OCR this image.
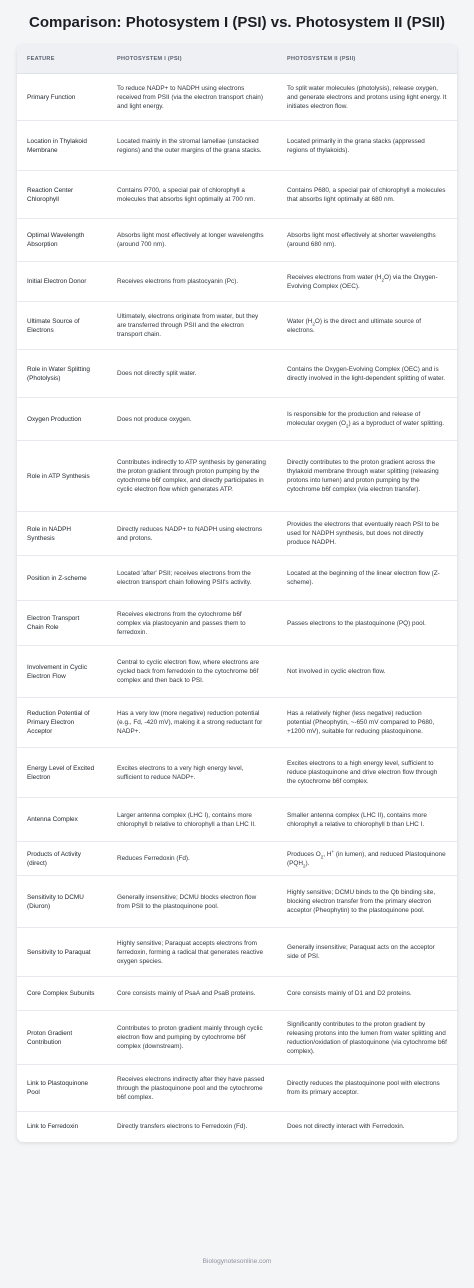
Comparison: Photosystem I (PSI) vs. Photosystem II (PSII)
FEATURE	PHOTOSYSTEM I (PSI)	PHOTOSYSTEM II (PSII)
Primary Function	To reduce NADP+ to NADPH using electrons received from PSII (via the electron transport chain) and light energy.	To split water molecules (photolysis), release oxygen, and generate electrons and protons using light energy. It initiates electron flow.
Location in Thylakoid Membrane	Located mainly in the stromal lamellae (unstacked regions) and the outer margins of the grana stacks.	Located primarily in the grana stacks (appressed regions of thylakoids).
Reaction Center Chlorophyll	Contains P700, a special pair of chlorophyll a molecules that absorbs light optimally at 700 nm.	Contains P680, a special pair of chlorophyll a molecules that absorbs light optimally at 680 nm.
Optimal Wavelength Absorption	Absorbs light most effectively at longer wavelengths (around 700 nm).	Absorbs light most effectively at shorter wavelengths (around 680 nm).
Initial Electron Donor	Receives electrons from plastocyanin (Pc).	Receives electrons from water $(H_2O)$ via the Oxygen-Evolving Complex (OEC).
Ultimate Source of Electrons	Ultimately, electrons originate from water, but they are transferred through PSII and the electron transport chain.	Water $(H_2O)$ is the direct and ultimate source of electrons.
Role in Water Splitting (Photolysis)	Does not directly split water.	Contains the Oxygen-Evolving Complex (OEC) and is directly involved in the light-dependent splitting of water.
Oxygen Production	Does not produce oxygen.	Is responsible for the production and release of molecular oxygen $(O_2)$ as a byproduct of water splitting.
Role in ATP Synthesis	Contributes indirectly to ATP synthesis by generating the proton gradient through proton pumping by the cytochrome b6f complex, and directly participates in cyclic electron flow which generates ATP.	Directly contributes to the proton gradient across the thylakoid membrane through water splitting (releasing protons into lumen) and proton pumping by the cytochrome b6f complex (via electron transfer).
Role in NADPH Synthesis	Directly reduces NADP+ to NADPH using electrons and protons.	Provides the electrons that eventually reach PSI to be used for NADPH synthesis, but does not directly produce NADPH.
Position in Z-scheme	Located 'after' PSII; receives electrons from the electron transport chain following PSII's activity.	Located at the beginning of the linear electron flow (Z-scheme).
Electron Transport Chain Role	Receives electrons from the cytochrome b6f complex via plastocyanin and passes them to ferredoxin.	Passes electrons to the plastoquinone (PQ) pool.
Involvement in Cyclic Electron Flow	Central to cyclic electron flow, where electrons are cycled back from ferredoxin to the cytochrome b6f complex and then back to PSI.	Not involved in cyclic electron flow.
Reduction Potential of Primary Electron Acceptor	Has a very low (more negative) reduction potential (e.g., Fd, -420 mV), making it a strong reductant for NADP+.	Has a relatively higher (less negative) reduction potential (Pheophytin, ~-650 mV compared to P680, +1200 mV), suitable for reducing plastoquinone.
Energy Level of Excited Electron	Excites electrons to a very high energy level, sufficient to reduce NADP+.	Excites electrons to a high energy level, sufficient to reduce plastoquinone and drive electron flow through the cytochrome b6f complex.
Antenna Complex	Larger antenna complex (LHC I), contains more chlorophyll b relative to chlorophyll a than LHC II.	Smaller antenna complex (LHC II), contains more chlorophyll a relative to chlorophyll b than LHC I.
Products of Activity (direct)	Reduces Ferredoxin (Fd).	Produces $O_2$, H+ (in lumen), and reduced Plastoquinone $(PQH_2)$.
Sensitivity to DCMU (Diuron)	Generally insensitive; DCMU blocks electron flow from PSII to the plastoquinone pool.	Highly sensitive; DCMU binds to the Qb binding site, blocking electron transfer from the primary electron acceptor (Pheophytin) to the plastoquinone pool.
Sensitivity to Paraquat	Highly sensitive; Paraquat accepts electrons from ferredoxin, forming a radical that generates reactive oxygen species.	Generally insensitive; Paraquat acts on the acceptor side of PSI.
Core Complex Subunits	Core consists mainly of PsaA and PsaB proteins.	Core consists mainly of D1 and D2 proteins.
Proton Gradient Contribution	Contributes to proton gradient mainly through cyclic electron flow and pumping by cytochrome b6f complex (downstream).	Significantly contributes to the proton gradient by releasing protons into the lumen from water splitting and reduction/oxidation of plastoquinone (via cytochrome b6f complex).
Link to Plastoquinone Pool	Receives electrons indirectly after they have passed through the plastoquinone pool and the cytochrome b6f complex.	Directly reduces the plastoquinone pool with electrons from its primary acceptor.
Link to Ferredoxin	Directly transfers electrons to Ferredoxin (Fd).	Does not directly interact with Ferredoxin.
Biologynotesonline.com
